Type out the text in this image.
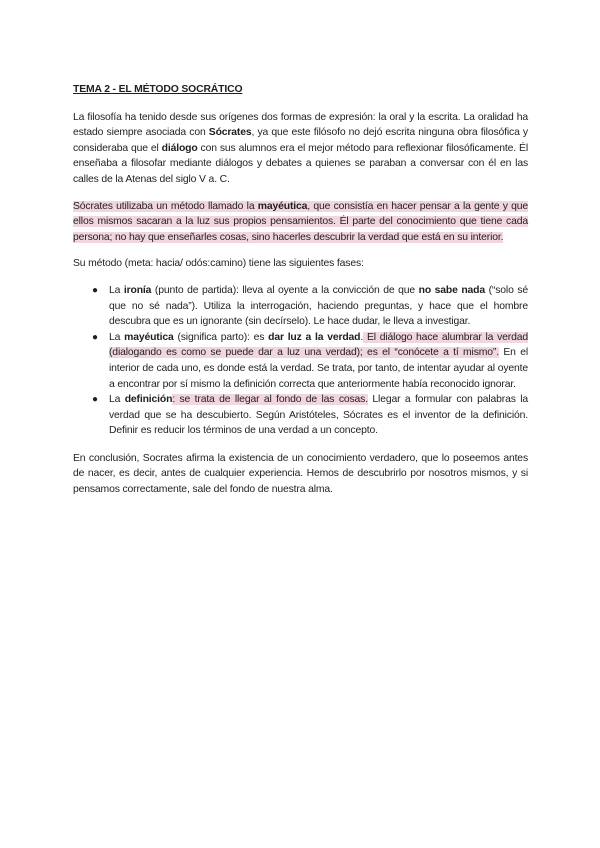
TEMA 2 - EL MÉTODO SOCRÁTICO

La filosofía ha tenido desde sus orígenes dos formas de expresión: la oral y la escrita. La oralidad ha estado siempre asociada con Sócrates, ya que este filósofo no dejó escrita ninguna obra filosófica y consideraba que el diálogo con sus alumnos era el mejor método para reflexionar filosóficamente. Él enseñaba a filosofar mediante diálogos y debates a quienes se paraban a conversar con él en las calles de la Atenas del siglo V a. C.

Sócrates utilizaba un método llamado la mayéutica, que consistía en hacer pensar a la gente y que ellos mismos sacaran a la luz sus propios pensamientos. Él parte del conocimiento que tiene cada persona; no hay que enseñarles cosas, sino hacerles descubrir la verdad que está en su interior.

Su método (meta: hacia/ odós:camino) tiene las siguientes fases:

● La ironía (punto de partida): lleva al oyente a la convicción de que no sabe nada (“solo sé que no sé nada”). Utiliza la interrogación, haciendo preguntas, y hace que el hombre descubra que es un ignorante (sin decírselo). Le hace dudar, le lleva a investigar.
● La mayéutica (significa parto): es dar luz a la verdad. El diálogo hace alumbrar la verdad (dialogando es como se puede dar a luz una verdad); es el “conócete a tí mismo”. En el interior de cada uno, es donde está la verdad. Se trata, por tanto, de intentar ayudar al oyente a encontrar por sí mismo la definición correcta que anteriormente había reconocido ignorar.
● La definición: se trata de llegar al fondo de las cosas. Llegar a formular con palabras la verdad que se ha descubierto. Según Aristóteles, Sócrates es el inventor de la definición. Definir es reducir los términos de una verdad a un concepto.

En conclusión, Socrates afirma la existencia de un conocimiento verdadero, que lo poseemos antes de nacer, es decir, antes de cualquier experiencia. Hemos de descubrirlo por nosotros mismos, y si pensamos correctamente, sale del fondo de nuestra alma.
